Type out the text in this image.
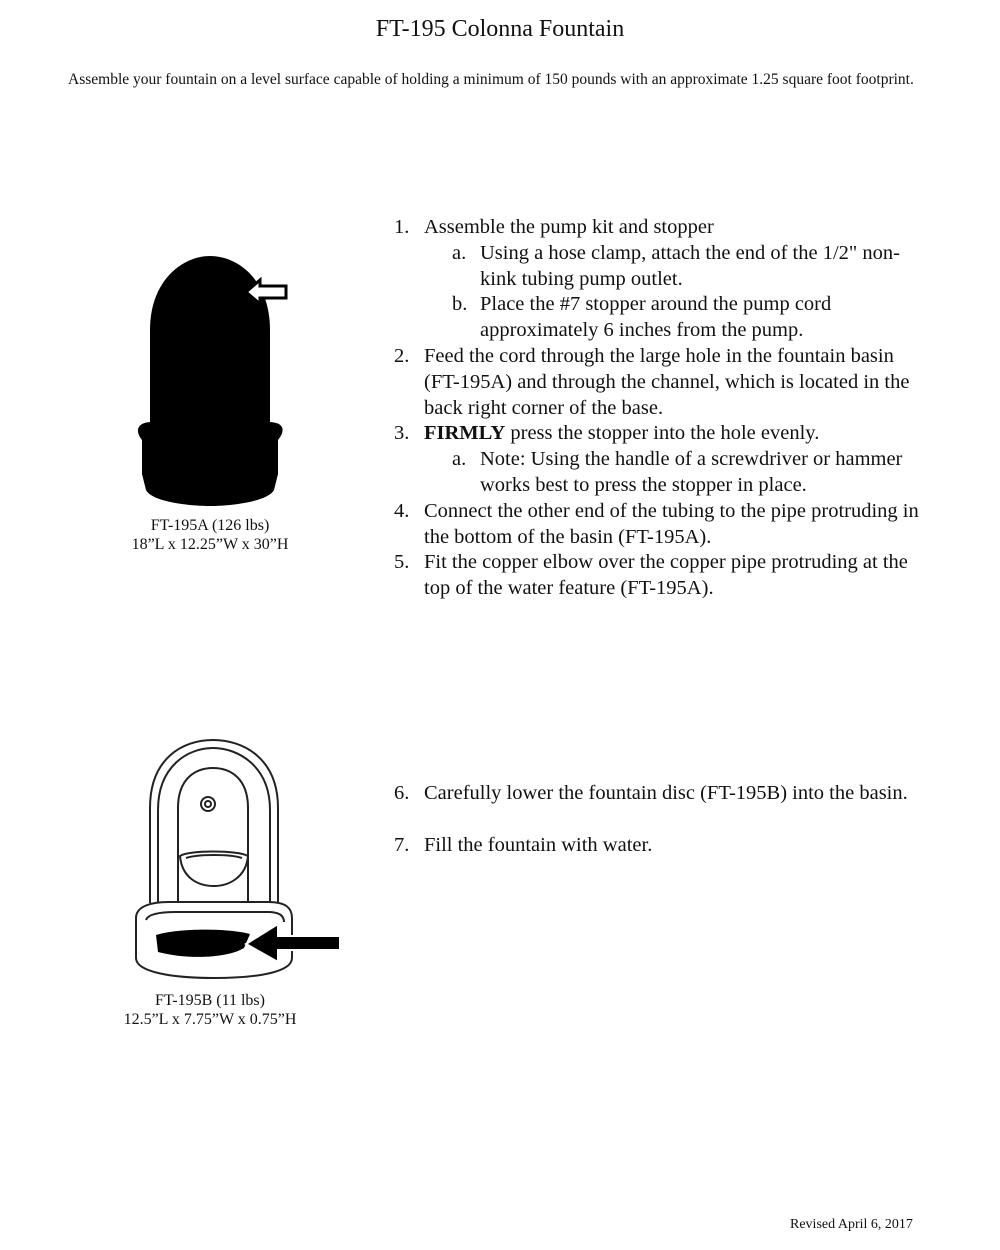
FT-195 Colonna Fountain
Assemble your fountain on a level surface capable of holding a minimum of 150 pounds with an approximate 1.25 square foot footprint.
FT-195A (126 lbs)
18”L x 12.25”W x 30”H
FT-195B (11 lbs)
12.5”L x 7.75”W x 0.75”H
1. Assemble the pump kit and stopper
a. Using a hose clamp, attach the end of the 1/2" non-kink tubing pump outlet.
b. Place the #7 stopper around the pump cord approximately 6 inches from the pump.
2. Feed the cord through the large hole in the fountain basin (FT-195A) and through the channel, which is located in the back right corner of the base.
3. FIRMLY press the stopper into the hole evenly.
a. Note: Using the handle of a screwdriver or hammer works best to press the stopper in place.
4. Connect the other end of the tubing to the pipe protruding in the bottom of the basin (FT-195A).
5. Fit the copper elbow over the copper pipe protruding at the top of the water feature (FT-195A).
6. Carefully lower the fountain disc (FT-195B) into the basin.
7. Fill the fountain with water.
Revised April 6, 2017
